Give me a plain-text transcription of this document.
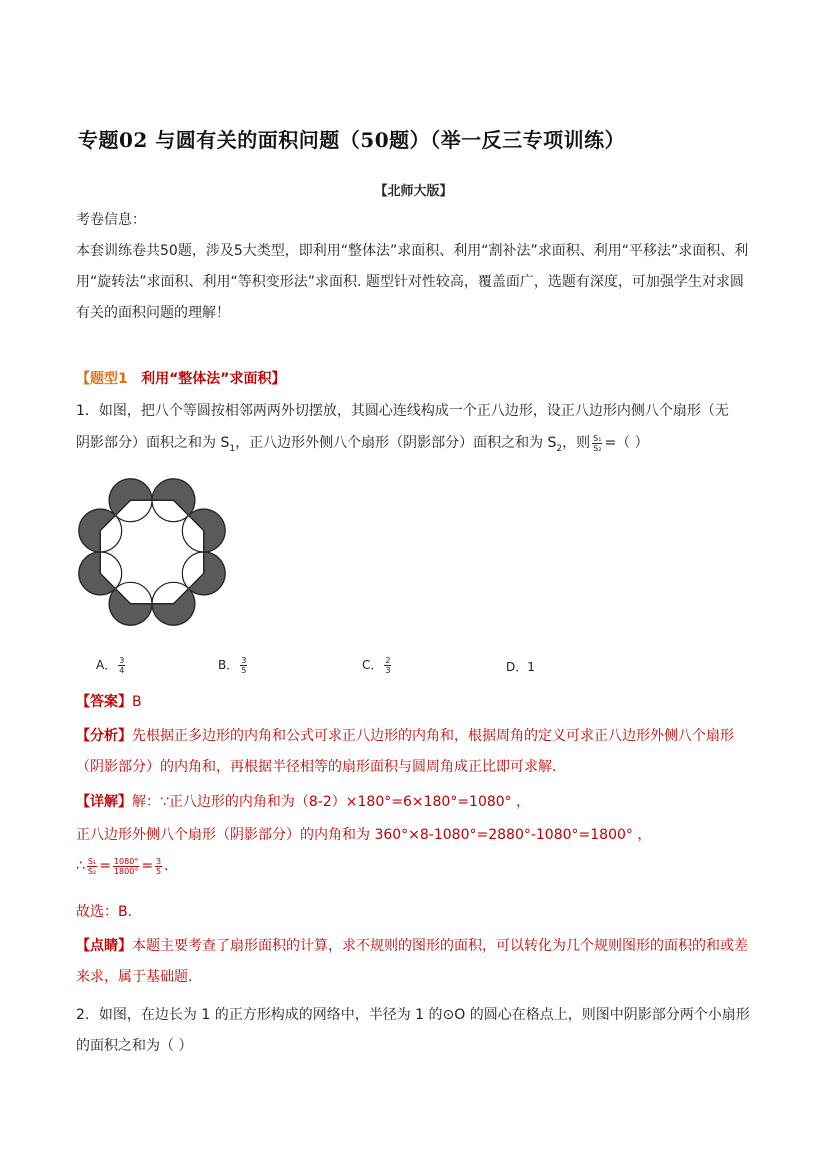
专题02 与圆有关的面积问题（50题）（举一反三专项训练）
【北师大版】
考卷信息：
本套训练卷共50题，涉及5大类型，即利用“整体法”求面积、利用“割补法”求面积、利用“平移法”求面积、利用“旋转法”求面积、利用“等积变形法”求面积. 题型针对性较高，覆盖面广，选题有深度，可加强学生对求圆有关的面积问题的理解！
【题型1 利用“整体法”求面积】
1．如图，把八个等圆按相邻两两外切摆放，其圆心连线构成一个正八边形，设正八边形内侧八个扇形（无
阴影部分）面积之和为 $S_1$，正八边形外侧八个扇形（阴影部分）面积之和为 $S_2$，则 $\frac{\text{S₁}}{\text{S₂}}$ =（ ）
A． $\frac{3}{4}$	B． $\frac{3}{5}$	C． $\frac{2}{3}$	D．1
【答案】B
【分析】先根据正多边形的内角和公式可求正八边形的内角和，根据周角的定义可求正八边形外侧八个扇形（阴影部分）的内角和，再根据半径相等的扇形面积与圆周角成正比即可求解.
【详解】解：∵正八边形的内角和为（8-2）×180°=6×180°=1080° ，
正八边形外侧八个扇形（阴影部分）的内角和为 360°×8-1080°=2880°-1080°=1800° ，
∴ $\frac{\text{S₁}}{\text{S₂}} = \frac{1080^\circ}{1800^\circ} = \frac{3}{5}$ .
故选：B．
【点睛】本题主要考查了扇形面积的计算，求不规则的图形的面积，可以转化为几个规则图形的面积的和或差来求，属于基础题.
2．如图，在边长为 1 的正方形构成的网络中，半径为 1 的⊙O 的圆心在格点上，则图中阴影部分两个小扇形的面积之和为（ ）
